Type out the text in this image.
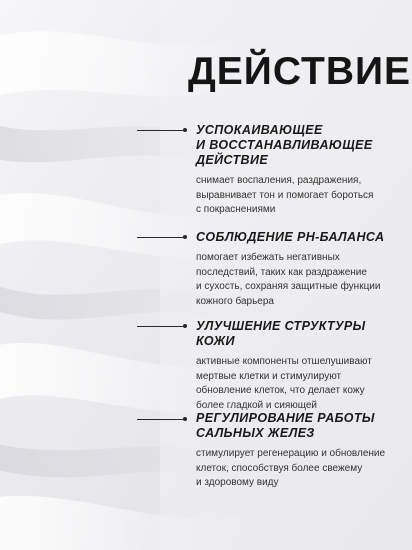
ДЕЙСТВИЕ
УСПОКАИВАЮЩЕЕ
И ВОССТАНАВЛИВАЮЩЕЕ
ДЕЙСТВИЕ

снимает воспаления, раздражения,
выравнивает тон и помогает бороться
с покраснениями

СОБЛЮДЕНИЕ PH-БАЛАНСА

помогает избежать негативных
последствий, таких как раздражение
и сухость, сохраняя защитные функции
кожного барьера

УЛУЧШЕНИЕ СТРУКТУРЫ КОЖИ

активные компоненты отшелушивают
мертвые клетки и стимулируют
обновление клеток, что делает кожу
более гладкой и сияющей

РЕГУЛИРОВАНИЕ РАБОТЫ
САЛЬНЫХ ЖЕЛЕЗ

стимулирует регенерацию и обновление
клеток, способствуя более свежему
и здоровому виду
